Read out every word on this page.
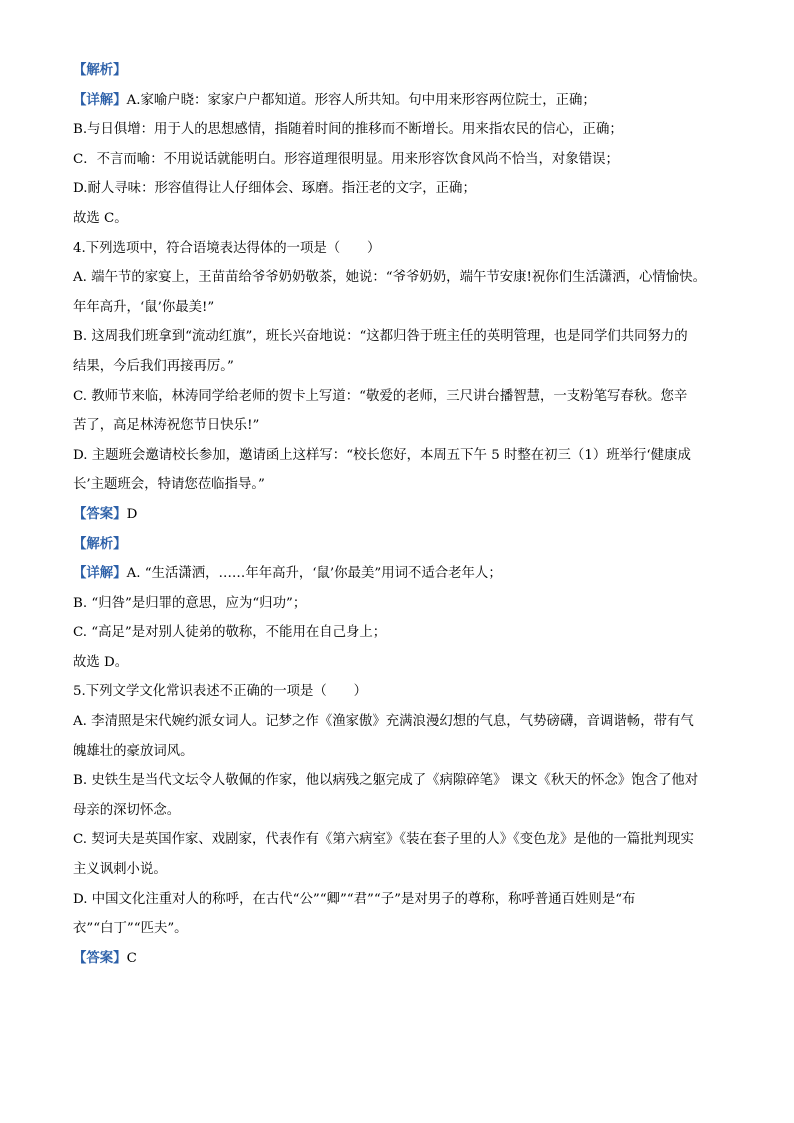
【解析】

【详解】A.家喻户晓：家家户户都知道。形容人所共知。句中用来形容两位院士，正确；

B.与日俱增：用于人的思想感情，指随着时间的推移而不断增长。用来指农民的信心，正确；

C．不言而喻：不用说话就能明白。形容道理很明显。用来形容饮食风尚不恰当，对象错误；

D.耐人寻味：形容值得让人仔细体会、琢磨。指汪老的文字，正确；

故选 C。

4.下列选项中，符合语境表达得体的一项是（　　）

A. 端午节的家宴上，王苗苗给爷爷奶奶敬茶，她说：“爷爷奶奶，端午节安康!祝你们生活潇洒，心情愉快。

年年高升，‘鼠’你最美!”

B. 这周我们班拿到“流动红旗”，班长兴奋地说：“这都归咎于班主任的英明管理，也是同学们共同努力的

结果，今后我们再接再厉。”

C. 教师节来临，林涛同学给老师的贺卡上写道：“敬爱的老师，三尺讲台播智慧，一支粉笔写春秋。您辛

苦了，高足林涛祝您节日快乐!”

D. 主题班会邀请校长参加，邀请函上这样写：“校长您好，本周五下午 5 时整在初三（1）班举行‘健康成

长’主题班会，特请您莅临指导。”

【答案】D

【解析】

【详解】A. “生活潇洒，……年年高升，‘鼠’你最美”用词不适合老年人；

B. “归咎”是归罪的意思，应为“归功”；

C. “高足”是对别人徒弟的敬称，不能用在自己身上；

故选 D。

5.下列文学文化常识表述不正确的一项是（　　）

A. 李清照是宋代婉约派女词人。记梦之作《渔家傲》充满浪漫幻想的气息，气势磅礴，音调谐畅，带有气

魄雄壮的豪放词风。

B. 史铁生是当代文坛令人敬佩的作家，他以病残之躯完成了《病隙碎笔》 课文《秋天的怀念》饱含了他对

母亲的深切怀念。

C. 契诃夫是英国作家、戏剧家，代表作有《第六病室》《装在套子里的人》《变色龙》是他的一篇批判现实

主义讽刺小说。

D. 中国文化注重对人的称呼，在古代“公”“卿”“君”“子”是对男子的尊称，称呼普通百姓则是“布

衣”“白丁”“匹夫”。

【答案】C
